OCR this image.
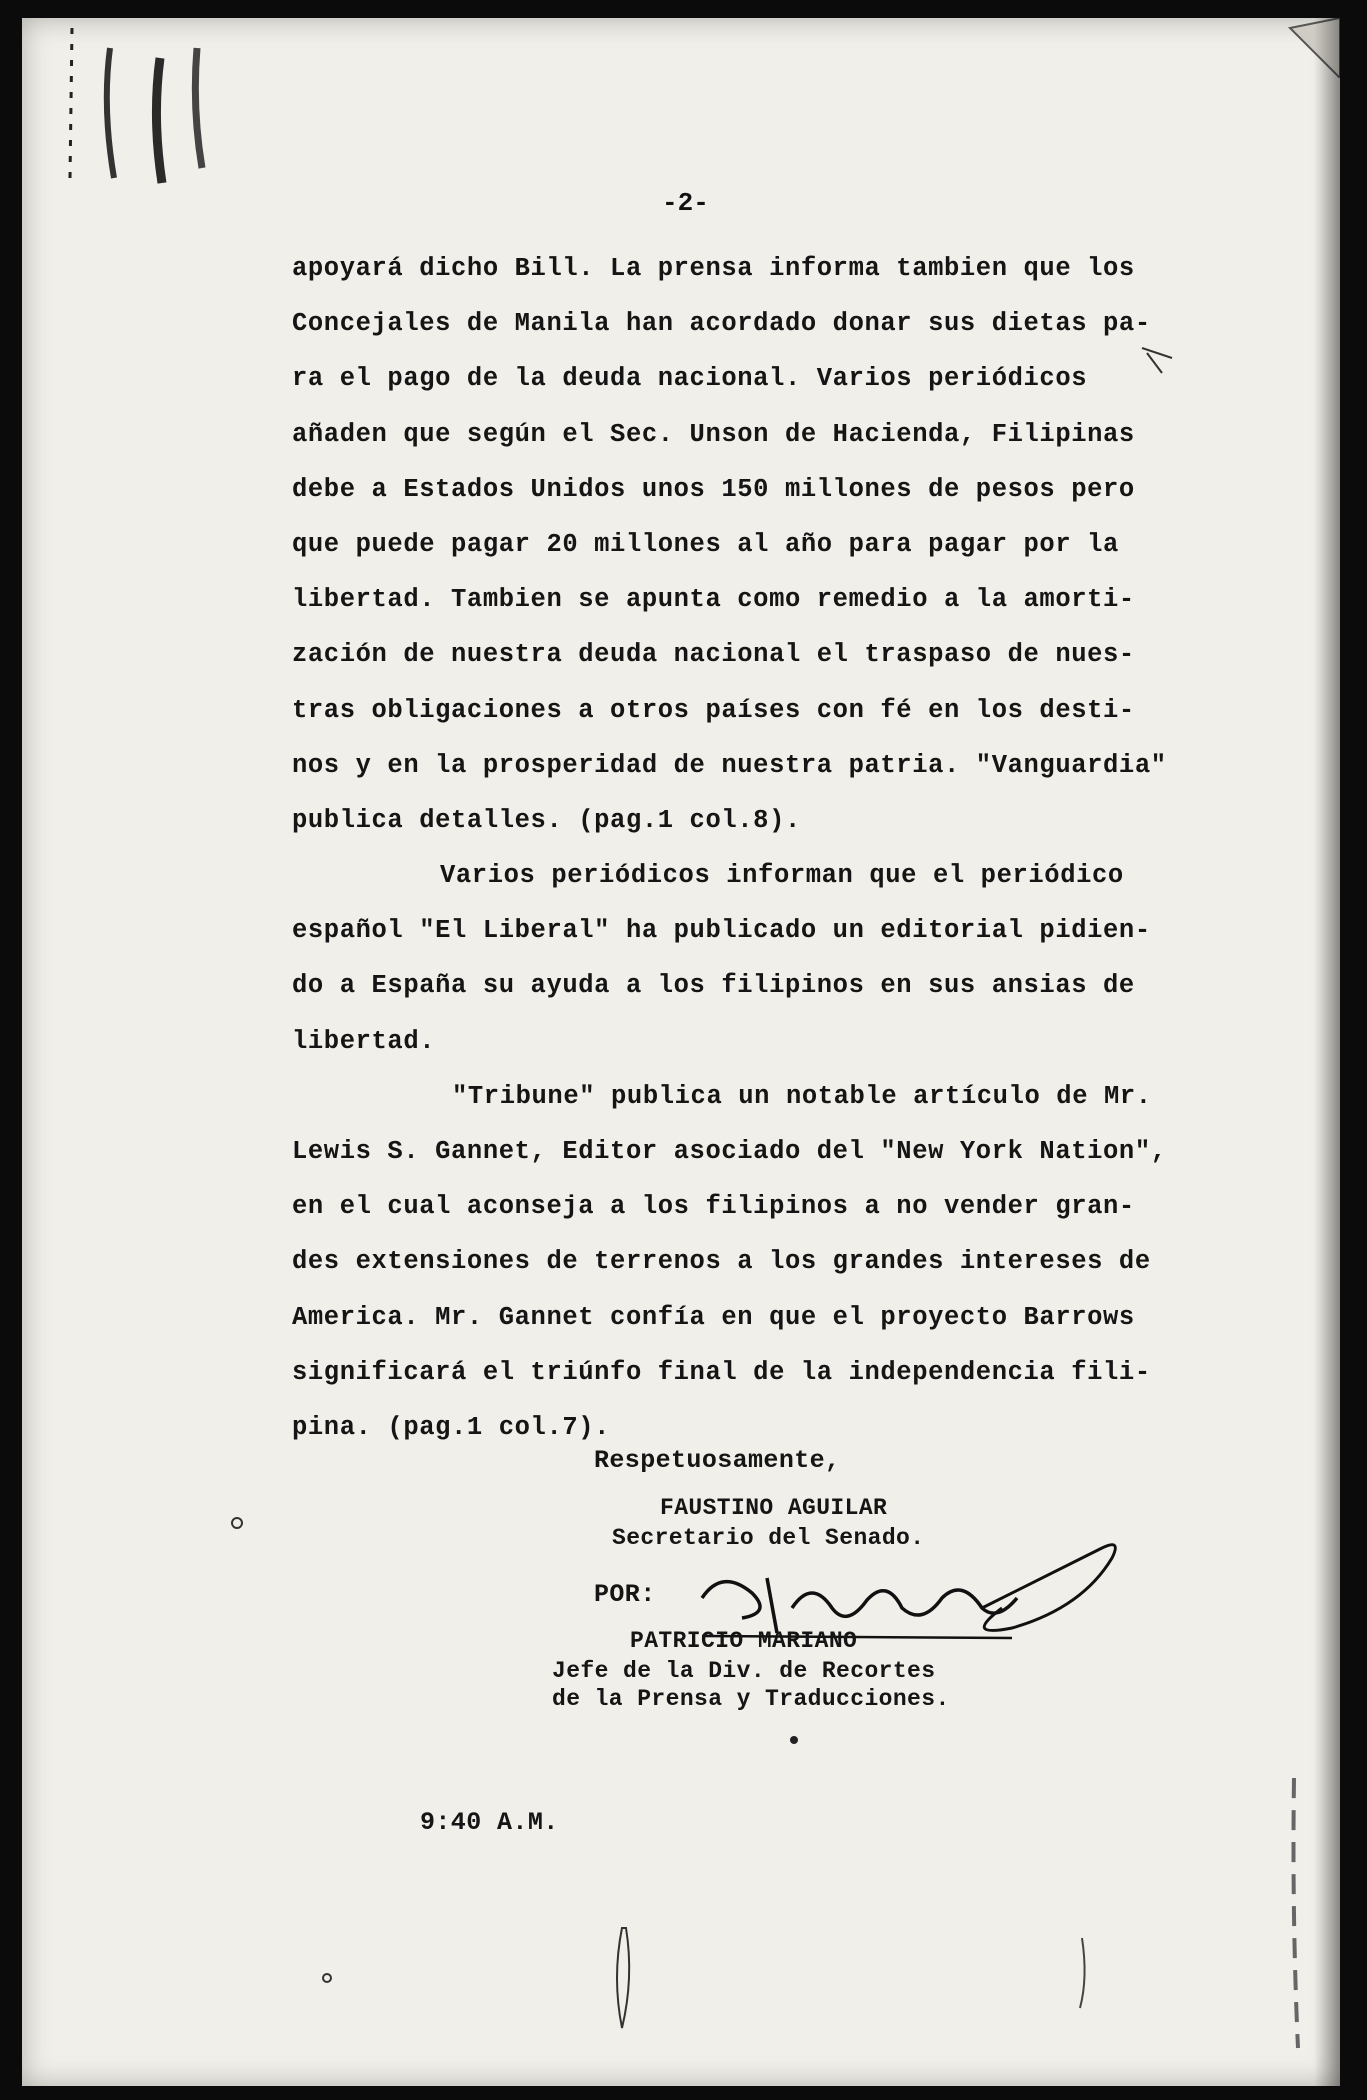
-2-
apoyará dicho Bill. La prensa informa tambien que los
Concejales de Manila han acordado donar sus dietas pa-
ra el pago de la deuda nacional. Varios periódicos
añaden que según el Sec. Unson de Hacienda, Filipinas
debe a Estados Unidos unos 150 millones de pesos pero
que puede pagar 20 millones al año para pagar por la
libertad. Tambien se apunta como remedio a la amorti-
zación de nuestra deuda nacional el traspaso de nues-
tras obligaciones a otros países con fé en los desti-
nos y en la prosperidad de nuestra patria. "Vanguardia"
publica detalles. (pag.1 col.8).
Varios periódicos informan que el periódico
español "El Liberal" ha publicado un editorial pidien-
do a España su ayuda a los filipinos en sus ansias de
libertad.
"Tribune" publica un notable artículo de Mr.
Lewis S. Gannet, Editor asociado del "New York Nation",
en el cual aconseja a los filipinos a no vender gran-
des extensiones de terrenos a los grandes intereses de
America. Mr. Gannet confía en que el proyecto Barrows
significará el triúnfo final de la independencia fili-
pina. (pag.1 col.7).
Respetuosamente,
FAUSTINO AGUILAR
Secretario del Senado.
POR:
PATRICIO MARIANO
Jefe de la Div. de Recortes
de la Prensa y Traducciones.
9:40 A.M.
